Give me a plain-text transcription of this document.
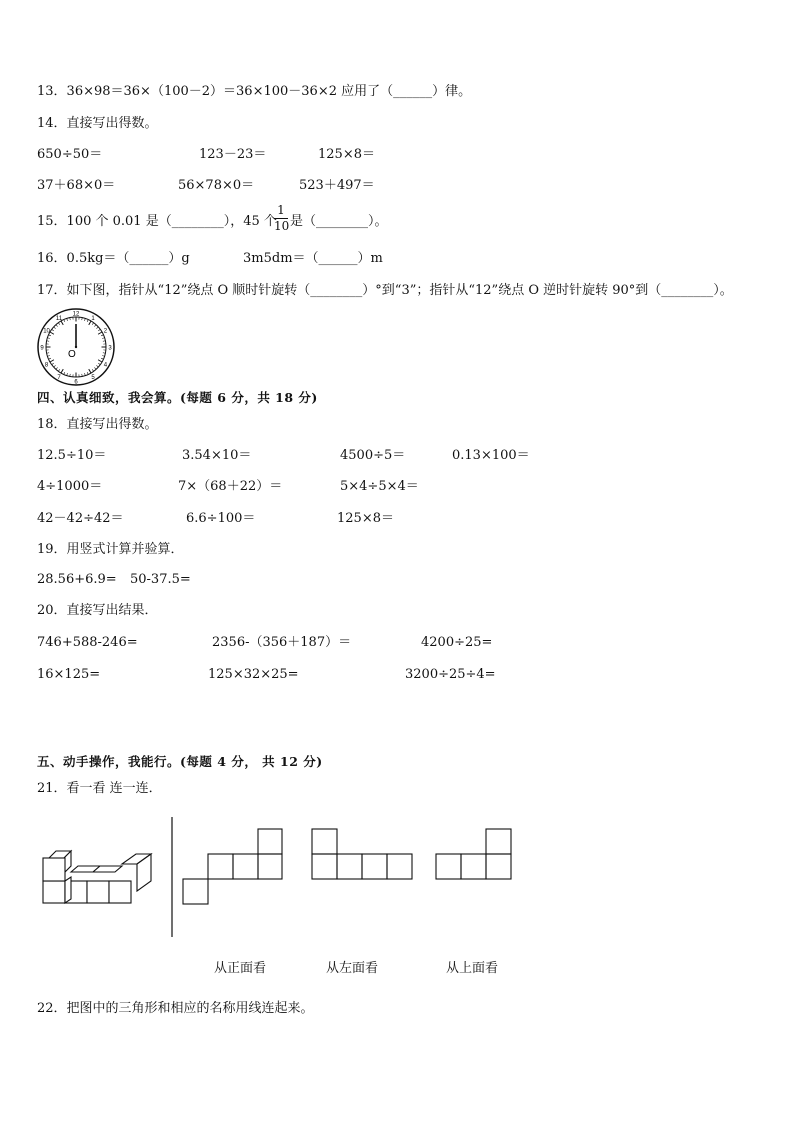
13．36×98＝36×（100－2）＝36×100－36×2 应用了（______）律。
14．直接写出得数。
650÷50＝	123－23＝	125×8＝
37＋68×0＝	56×78×0＝	523＋497＝
15．100 个 0.01 是（________），45 个
1
10 是（________）。
16．0.5kg＝（______）g	3m5dm＝（______）m
17．如下图，指针从“12”绕点 O 顺时针旋转（________）°到“3”；指针从“12”绕点 O 逆时针旋转 90°到（________）。
12
1
2
3
4
5
6
7
8
9
10
11
O
四、认真细致，我会算。(每题 6 分，共 18 分)
18．直接写出得数。
12.5÷10＝	3.54×10＝	4500÷5＝	0.13×100＝
4÷1000＝	7×（68＋22）＝	5×4÷5×4＝
42－42÷42＝	6.6÷100＝	125×8＝
19．用竖式计算并验算．
28.56+6.9= 50-37.5=
20．直接写出结果．
746+588-246=	2356-（356＋187）＝	4200÷25=
16×125=	125×32×25=	3200÷25÷4=
五、动手操作，我能行。(每题 4 分， 共 12 分)
21．看一看 连一连．
从正面看	从左面看	从上面看
22．把图中的三角形和相应的名称用线连起来。
